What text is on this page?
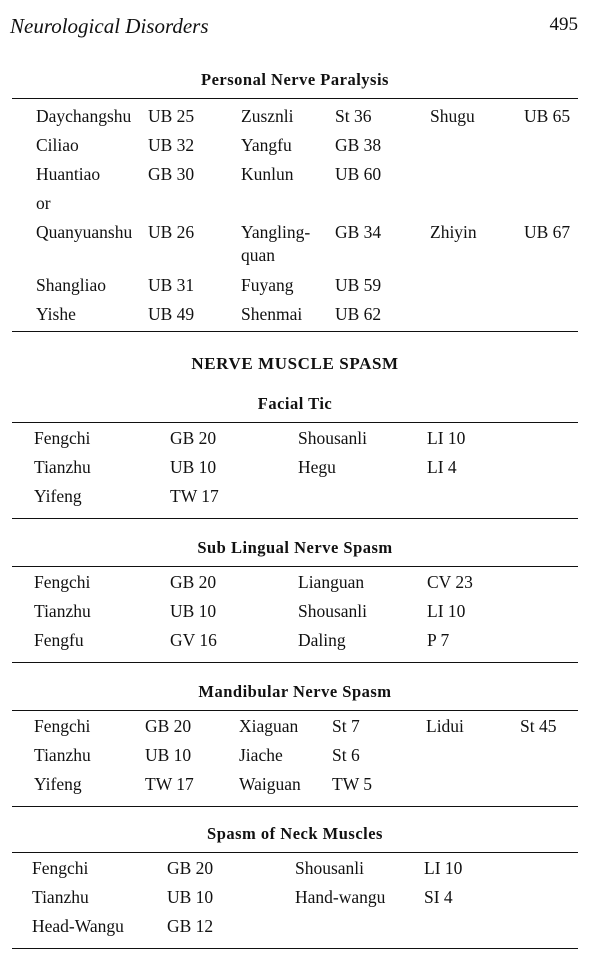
Neurological Disorders	495
Personal Nerve Paralysis
Daychangshu UB 25	Zusznli St 36	Shugu	UB 65
Ciliao	UB 32	Yangfu GB 38
Huantiao	GB 30	Kunlun UB 60
or
Quanyuanshu UB 26	Yangling- GB 34	Zhiyin	UB 67
quan
Shangliao UB 31	Fuyang UB 59
Yishe	UB 49	Shenmai UB 62
NERVE MUSCLE SPASM
Facial Tic
Fengchi	GB 20	Shousanli	LI 10
Tianzhu	UB 10	Hegu	LI 4
Yifeng	TW 17
Sub Lingual Nerve Spasm
Fengchi	GB 20	Lianguan	CV 23
Tianzhu	UB 10	Shousanli	LI 10
Fengfu	GV 16	Daling	P 7
Mandibular Nerve Spasm
Fengchi	GB 20	Xiaguan St 7	Lidui	St 45
Tianzhu	UB 10	Jiache	St 6
Yifeng	TW 17	Waiguan TW 5
Spasm of Neck Muscles
Fengchi	GB 20	Shousanli	LI 10
Tianzhu	UB 10	Hand-wangu SI 4
Head-Wangu GB 12
